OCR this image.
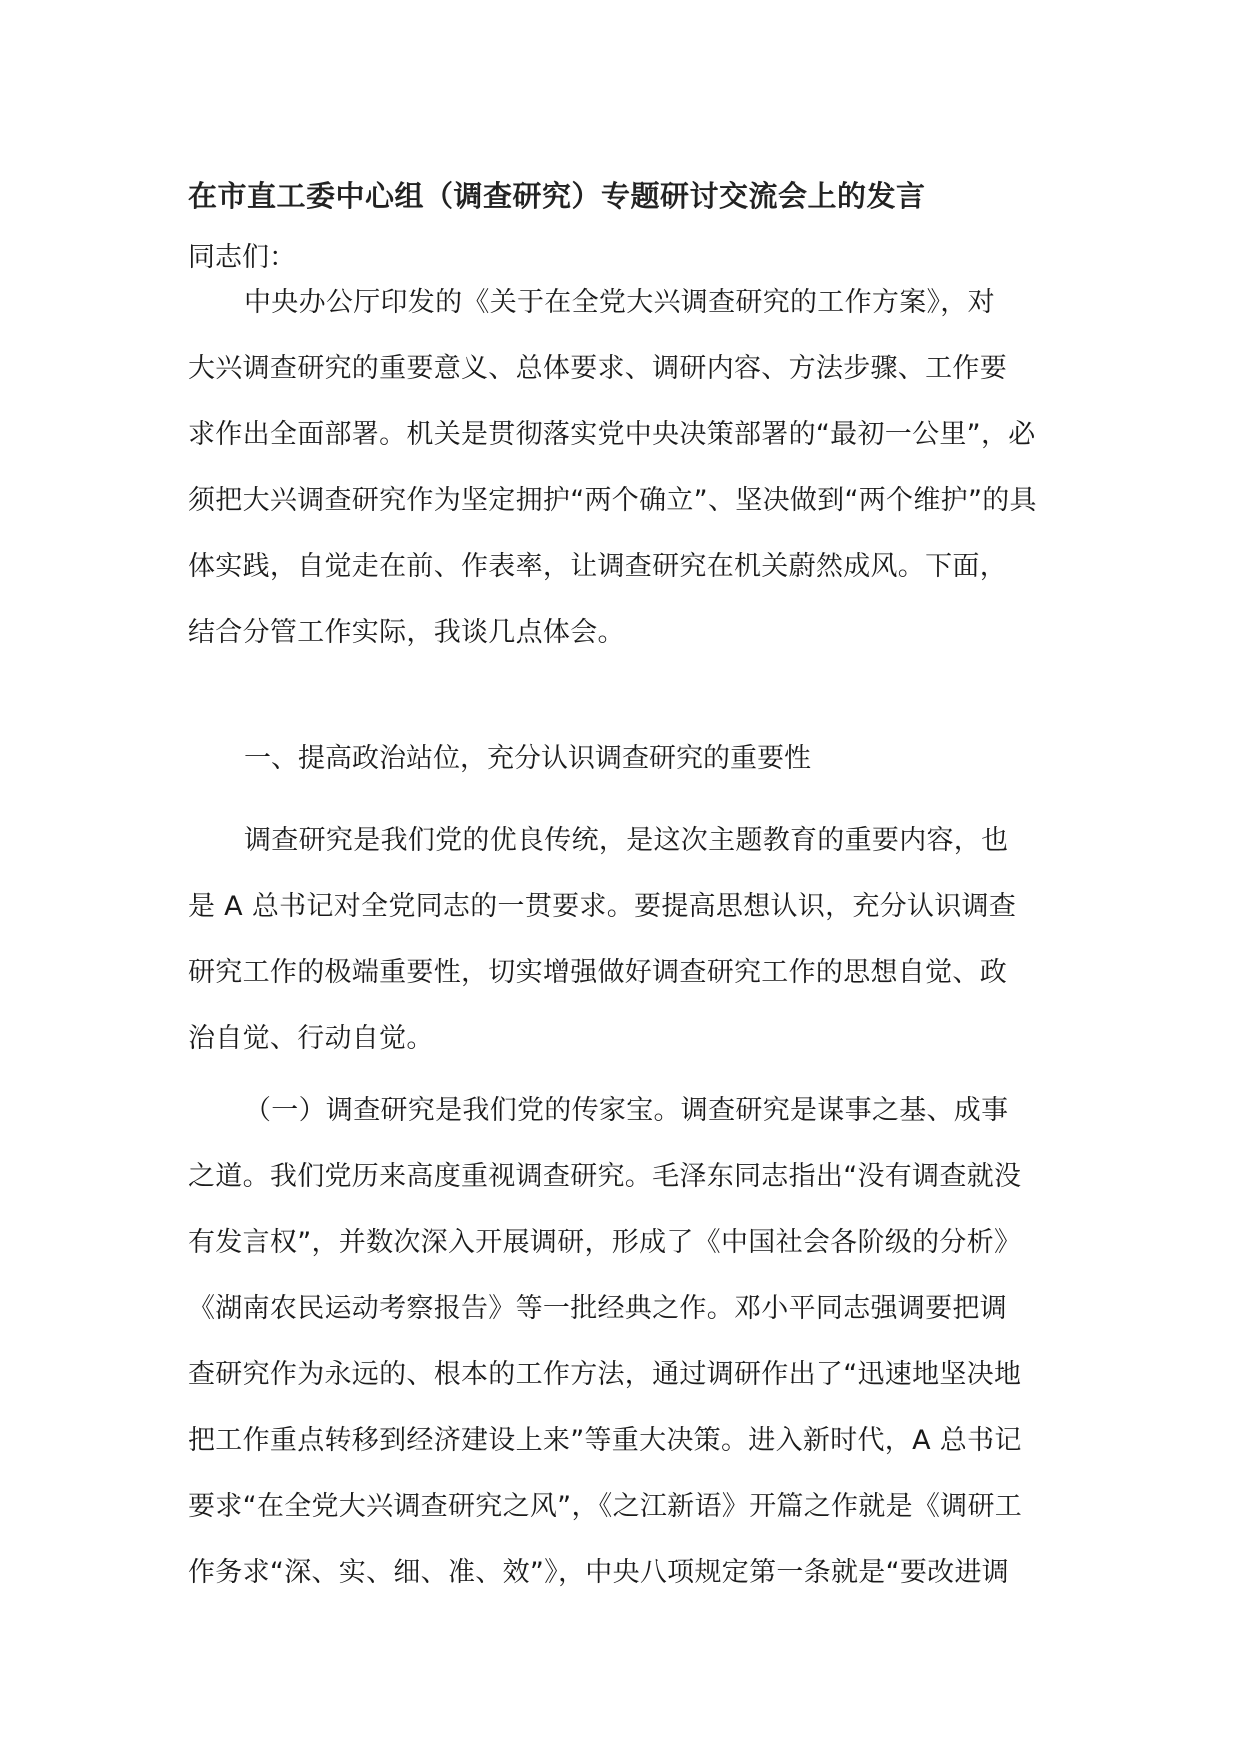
在市直工委中心组（调查研究）专题研讨交流会上的发言
同志们：
中央办公厅印发的《关于在全党大兴调查研究的工作方案》，对
大兴调查研究的重要意义、总体要求、调研内容、方法步骤、工作要
求作出全面部署。机关是贯彻落实党中央决策部署的“最初一公里”，必
须把大兴调查研究作为坚定拥护“两个确立”、坚决做到“两个维护”的具
体实践，自觉走在前、作表率，让调查研究在机关蔚然成风。下面，
结合分管工作实际，我谈几点体会。
一、提高政治站位，充分认识调查研究的重要性
调查研究是我们党的优良传统，是这次主题教育的重要内容，也
是 A 总书记对全党同志的一贯要求。要提高思想认识，充分认识调查
研究工作的极端重要性，切实增强做好调查研究工作的思想自觉、政
治自觉、行动自觉。
（一）调查研究是我们党的传家宝。调查研究是谋事之基、成事
之道。我们党历来高度重视调查研究。毛泽东同志指出“没有调查就没
有发言权”，并数次深入开展调研，形成了《中国社会各阶级的分析》
《湖南农民运动考察报告》等一批经典之作。邓小平同志强调要把调
查研究作为永远的、根本的工作方法，通过调研作出了“迅速地坚决地
把工作重点转移到经济建设上来”等重大决策。进入新时代，A 总书记
要求“在全党大兴调查研究之风”，《之江新语》开篇之作就是《调研工
作务求“深、实、细、准、效”》，中央八项规定第一条就是“要改进调
